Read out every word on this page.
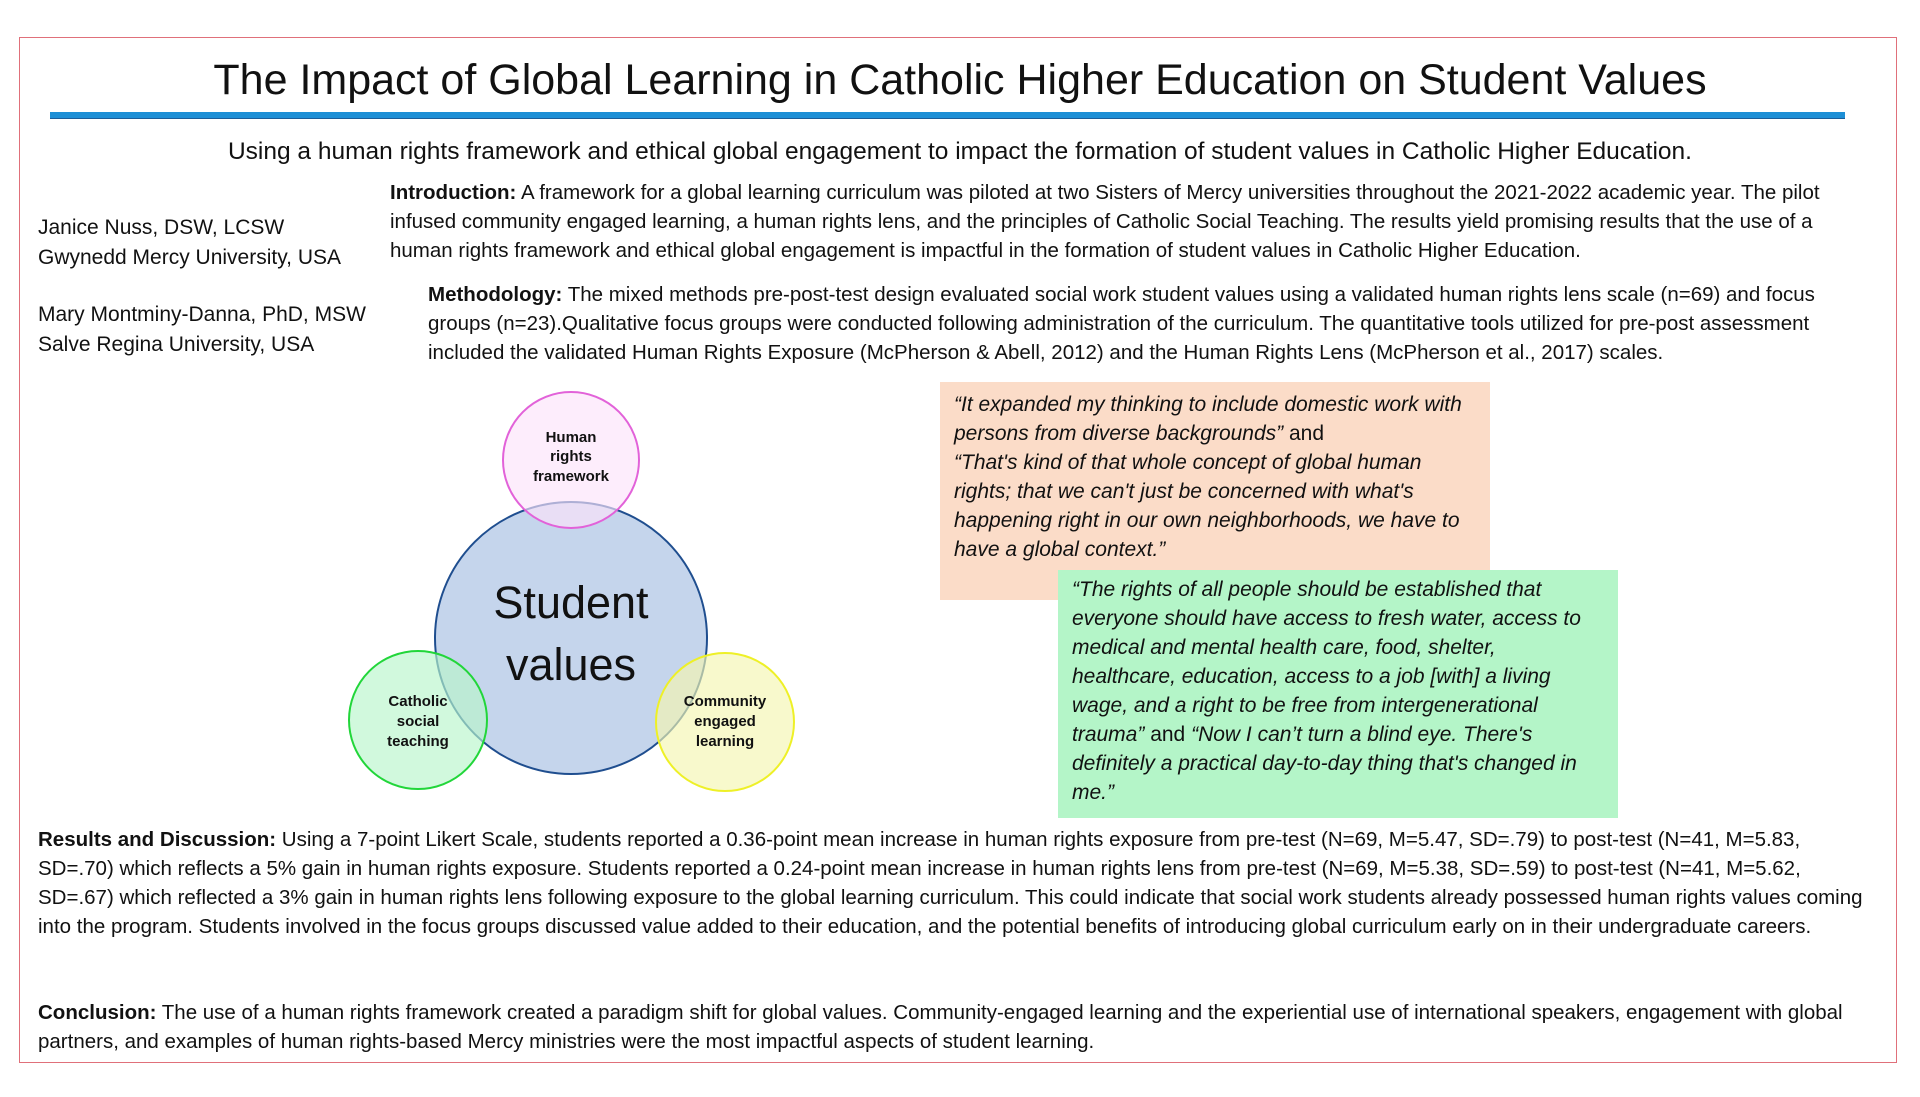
The Impact of Global Learning in Catholic Higher Education on Student Values
Using a human rights framework and ethical global engagement to impact the formation of student values in Catholic Higher Education.
Janice Nuss, DSW, LCSW
Gwynedd Mercy University, USA
Mary Montminy-Danna, PhD, MSW
Salve Regina University, USA
Introduction: A framework for a global learning curriculum was piloted at two Sisters of Mercy universities throughout the 2021-2022 academic year. The pilot infused community engaged learning, a human rights lens, and the principles of Catholic Social Teaching. The results yield promising results that the use of a human rights framework and ethical global engagement is impactful in the formation of student values in Catholic Higher Education.
Methodology: The mixed methods pre-post-test design evaluated social work student values using a validated human rights lens scale (n=69) and focus groups (n=23).Qualitative focus groups were conducted following administration of the curriculum. The quantitative tools utilized for pre-post assessment included the validated Human Rights Exposure (McPherson & Abell, 2012) and the Human Rights Lens (McPherson et al., 2017) scales.
Student
values
Human
rights
framework
Catholic
social
teaching
Community
engaged
learning
“It expanded my thinking to include domestic work with persons from diverse backgrounds” and
“That's kind of that whole concept of global human rights; that we can't just be concerned with what's happening right in our own neighborhoods, we have to have a global context.”
“The rights of all people should be established that everyone should have access to fresh water, access to medical and mental health care, food, shelter, healthcare, education, access to a job [with] a living wage, and a right to be free from intergenerational trauma” and “Now I can’t turn a blind eye. There's definitely a practical day-to-day thing that's changed in me.”
Results and Discussion: Using a 7-point Likert Scale, students reported a 0.36-point mean increase in human rights exposure from pre-test (N=69, M=5.47, SD=.79) to post-test (N=41, M=5.83, SD=.70) which reflects a 5% gain in human rights exposure. Students reported a 0.24-point mean increase in human rights lens from pre-test (N=69, M=5.38, SD=.59) to post-test (N=41, M=5.62, SD=.67) which reflected a 3% gain in human rights lens following exposure to the global learning curriculum. This could indicate that social work students already possessed human rights values coming into the program. Students involved in the focus groups discussed value added to their education, and the potential benefits of introducing global curriculum early on in their undergraduate careers.
Conclusion: The use of a human rights framework created a paradigm shift for global values. Community-engaged learning and the experiential use of international speakers, engagement with global partners, and examples of human rights-based Mercy ministries were the most impactful aspects of student learning.
